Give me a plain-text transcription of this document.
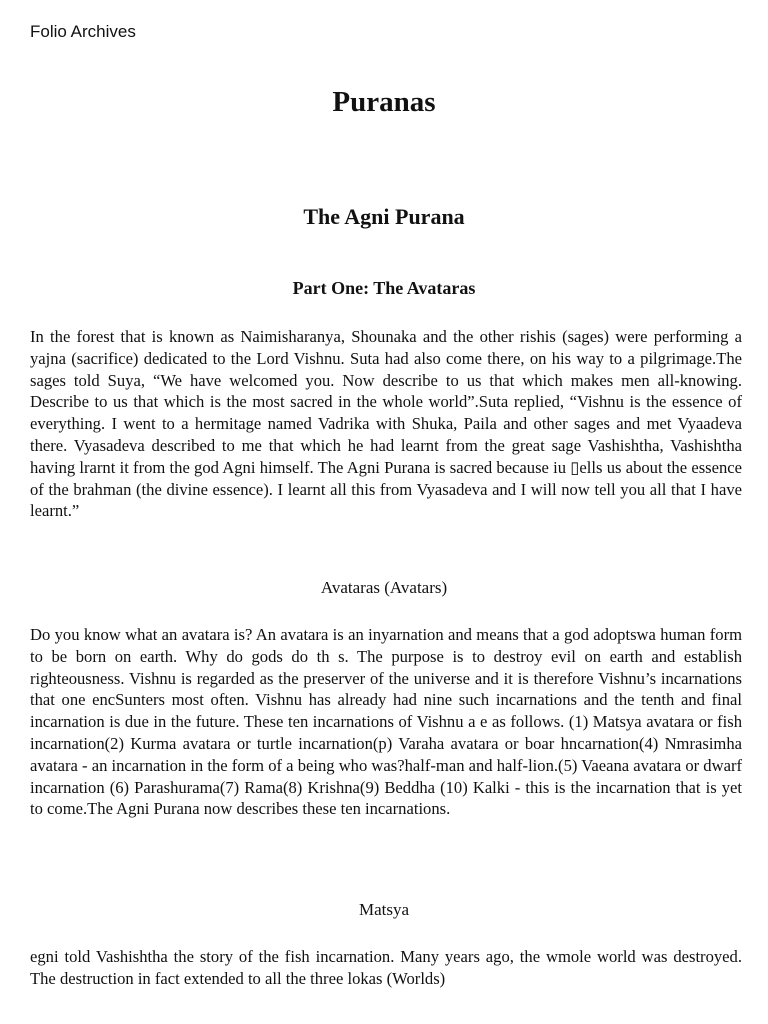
Folio Archives
Puranas
The Agni Purana
Part One: The Avataras

In the forest that is known as Naimisharanya, Shounaka and the other rishis (sages) were performing a yajna (sacrifice) dedicated to the Lord Vishnu. Suta had also come there, on his way to a pilgrimage.The sages told Suya, “We have welcomed you. Now describe to us that which makes men all-knowing. Describe to us that which is the most sacred in the whole world”.Suta replied, “Vishnu is the essence of everything. I went to a hermitage named Vadrika with Shuka, Paila and other sages and met Vyaadeva there. Vyasadeva described to me that which he had learnt from the great sage Vashishtha, Vashishtha having lrarnt it from the god Agni himself. The Agni Purana is sacred because iu ▯ells us about the essence of the brahman (the divine essence). I learnt all this from Vyasadeva and I will now tell you all that I have learnt.”

Avataras (Avatars)

Do you know what an avatara is? An avatara is an inyarnation and means that a god adoptswa human form to be born on earth. Why do gods do th s. The purpose is to destroy evil on earth and establish righteousness. Vishnu is regarded as the preserver of the universe and it is therefore Vishnu’s incarnations that one encSunters most often. Vishnu has already had nine such incarnations and the tenth and final incarnation is due in the future. These ten incarnations of Vishnu a e as follows. (1) Matsya avatara or fish incarnation(2) Kurma avatara or turtle incarnation(p) Varaha avatara or boar hncarnation(4) Nmrasimha avatara - an incarnation in the form of a being who was?half-man and half-lion.(5) Vaeana avatara or dwarf incarnation (6) Parashurama(7) Rama(8) Krishna(9) Beddha (10) Kalki - this is the incarnation that is yet to come.The Agni Purana now describes these ten incarnations.

Matsya

egni told Vashishtha the story of the fish incarnation. Many years ago, the wmole world was destroyed. The destruction in fact extended to all the three lokas (Worlds)
